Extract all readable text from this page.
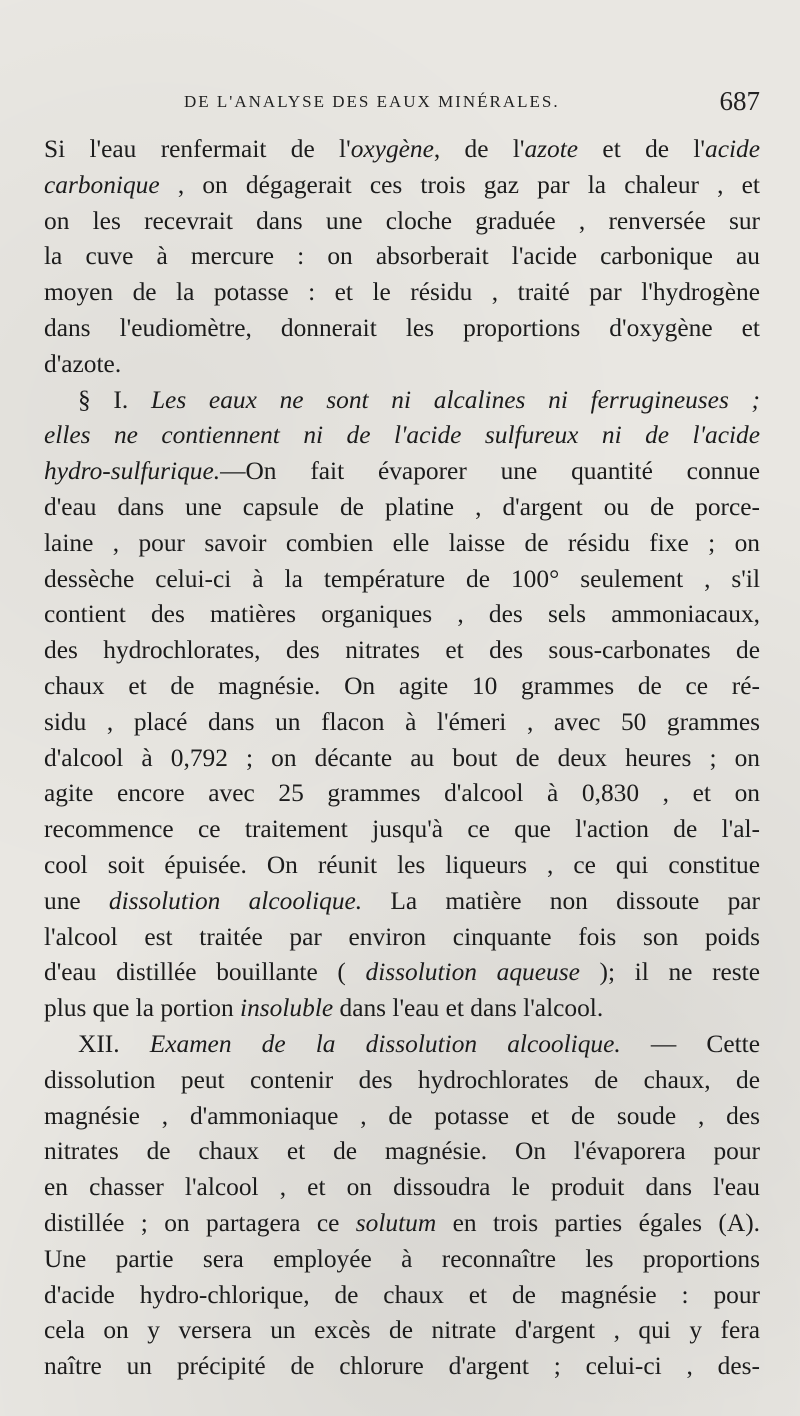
DE L'ANALYSE DES EAUX MINÉRALES.	687
Si l'eau renfermait de l'oxygène, de l'azote et de l'acide
carbonique , on dégagerait ces trois gaz par la chaleur , et
on les recevrait dans une cloche graduée , renversée sur
la cuve à mercure : on absorberait l'acide carbonique au
moyen de la potasse : et le résidu , traité par l'hydrogène
dans l'eudiomètre, donnerait les proportions d'oxygène et
d'azote.
§ I. Les eaux ne sont ni alcalines ni ferrugineuses ;
elles ne contiennent ni de l'acide sulfureux ni de l'acide
hydro-sulfurique.—On fait évaporer une quantité connue
d'eau dans une capsule de platine , d'argent ou de porce-
laine , pour savoir combien elle laisse de résidu fixe ; on
dessèche celui-ci à la température de 100° seulement , s'il
contient des matières organiques , des sels ammoniacaux,
des hydrochlorates, des nitrates et des sous-carbonates de
chaux et de magnésie. On agite 10 grammes de ce ré-
sidu , placé dans un flacon à l'émeri , avec 50 grammes
d'alcool à 0,792 ; on décante au bout de deux heures ; on
agite encore avec 25 grammes d'alcool à 0,830 , et on
recommence ce traitement jusqu'à ce que l'action de l'al-
cool soit épuisée. On réunit les liqueurs , ce qui constitue
une dissolution alcoolique. La matière non dissoute par
l'alcool est traitée par environ cinquante fois son poids
d'eau distillée bouillante ( dissolution aqueuse ); il ne reste
plus que la portion insoluble dans l'eau et dans l'alcool.
XII. Examen de la dissolution alcoolique. — Cette
dissolution peut contenir des hydrochlorates de chaux, de
magnésie , d'ammoniaque , de potasse et de soude , des
nitrates de chaux et de magnésie. On l'évaporera pour
en chasser l'alcool , et on dissoudra le produit dans l'eau
distillée ; on partagera ce solutum en trois parties égales (A).
Une partie sera employée à reconnaître les proportions
d'acide hydro-chlorique, de chaux et de magnésie : pour
cela on y versera un excès de nitrate d'argent , qui y fera
naître un précipité de chlorure d'argent ; celui-ci , des-
